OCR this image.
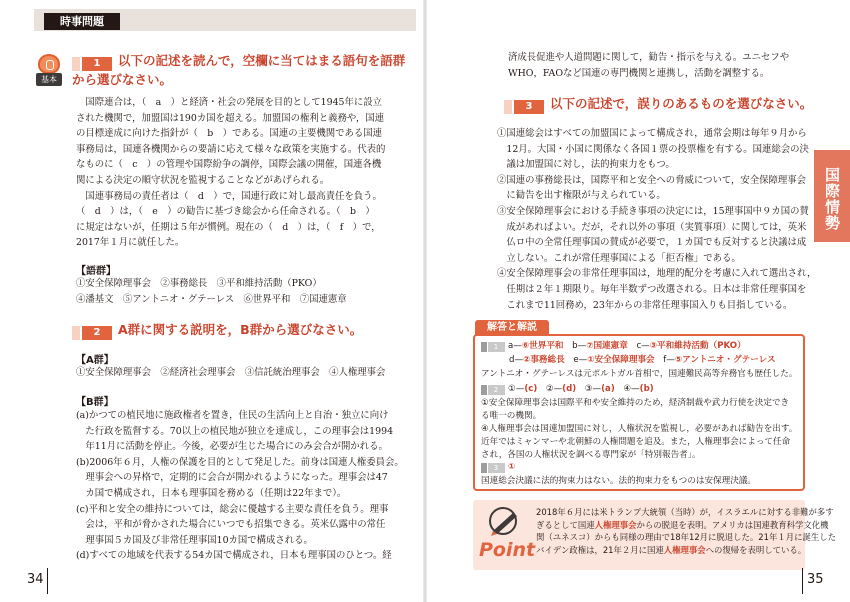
時事問題
国際情勢
基本
1 以下の記述を読んで，空欄に当てはまる語句を語群
から選びなさい。

　国際連合は，（　a　）と経済・社会の発展を目的として1945年に設立

された機関で，加盟国は190カ国を超える。加盟国の権利と義務や，国連

の目標達成に向けた指針が（　b　）である。国連の主要機関である国連

事務局は，国連各機関からの要請に応えて様々な政策を実施する。代表的

なものに（　c　）の管理や国際紛争の調停，国際会議の開催，国連各機

関による決定の順守状況を監視することなどがあげられる。

　国連事務局の責任者は（　d　）で，国連行政に対し最高責任を負う。

（　d　）は，（　e　）の勧告に基づき総会から任命される。（　b　）

に規定はないが，任期は５年が慣例。現在の（　d　）は，（　f　）で，

2017年１月に就任した。

【語群】

①安全保障理事会　②事務総長　③平和維持活動（PKO）

④潘基文　⑤アントニオ・グテーレス　⑥世界平和　⑦国連憲章

2 A群に関する説明を，B群から選びなさい。
【A群】
①安全保障理事会　②経済社会理事会　③信託統治理事会　④人権理事会
【B群】

(a)かつての植民地に施政権者を置き，住民の生活向上と自治・独立に向け

　た行政を監督する。70以上の植民地が独立を達成し，この理事会は1994

　年11月に活動を停止。今後，必要が生じた場合にのみ会合が開かれる。

(b)2006年６月，人権の保護を目的として発足した。前身は国連人権委員会。

　理事会への昇格で，定期的に会合が開かれるようになった。理事会は47

　カ国で構成され，日本も理事国を務める（任期は22年まで）。

(c)平和と安全の維持については，総会に優越する主要な責任を負う。理事

　会は，平和が脅かされた場合にいつでも招集できる。英米仏露中の常任

　理事国５カ国及び非常任理事国10カ国で構成される。

(d)すべての地域を代表する54カ国で構成され，日本も理事国のひとつ。経

34

済成長促進や人道問題に関して，勧告・指示を与える。ユニセフや

WHO，FAOなど国連の専門機関と連携し，活動を調整する。

3 以下の記述で，誤りのあるものを選びなさい。

①国連総会はすべての加盟国によって構成され，通常会期は毎年９月から

　12月。大国・小国に関係なく各国１票の投票権を有する。国連総会の決

　議は加盟国に対し，法的拘束力をもつ。

②国連の事務総長は，国際平和と安全への脅威について，安全保障理事会

　に勧告を出す権限が与えられている。

③安全保障理事会における手続き事項の決定には，15理事国中９カ国の賛

　成があればよい。だが，それ以外の事項（実質事項）に関しては，英米

　仏ロ中の全常任理事国の賛成が必要で，１カ国でも反対すると決議は成

　立しない。これが常任理事国による「拒否権」である。

④安全保障理事会の非常任理事国は，地理的配分を考慮に入れて選出され，

　任期は２年１期限り。毎年半数ずつ改選される。日本は非常任理事国を

　これまで11回務め，23年からの非常任理事国入りも目指している。

解答と解説
1 a—⑥世界平和　b—⑦国連憲章　c—③平和維持活動（PKO）
d—②事務総長　e—①安全保障理事会　f—⑤アントニオ・グテーレス
アントニオ・グテーレスは元ポルトガル首相で，国連難民高等弁務官も歴任した。
2 ①—(c)　②—(d)　③—(a)　④—(b)

①安全保障理事会は国際平和や安全維持のため，経済制裁や武力行使を決定でき

る唯一の機関。

④人権理事会は国連加盟国に対し，人権状況を監視し，必要があれば勧告を出す。

近年ではミャンマーや北朝鮮の人権問題を追及。また，人権理事会によって任命

され，各国の人権状況を調べる専門家が「特別報告者」。

3 ①
国連総会決議に法的拘束力はない。法的拘束力をもつのは安保理決議。
Point
2018年６月には米トランプ大統領（当時）が，イスラエルに対する非難が多す
ぎるとして国連人権理事会からの脱退を表明。アメリカは国連教育科学文化機
関（ユネスコ）からも同様の理由で18年12月に脱退した。21年１月に誕生した
バイデン政権は，21年２月に国連人権理事会への復帰を表明している。
35
